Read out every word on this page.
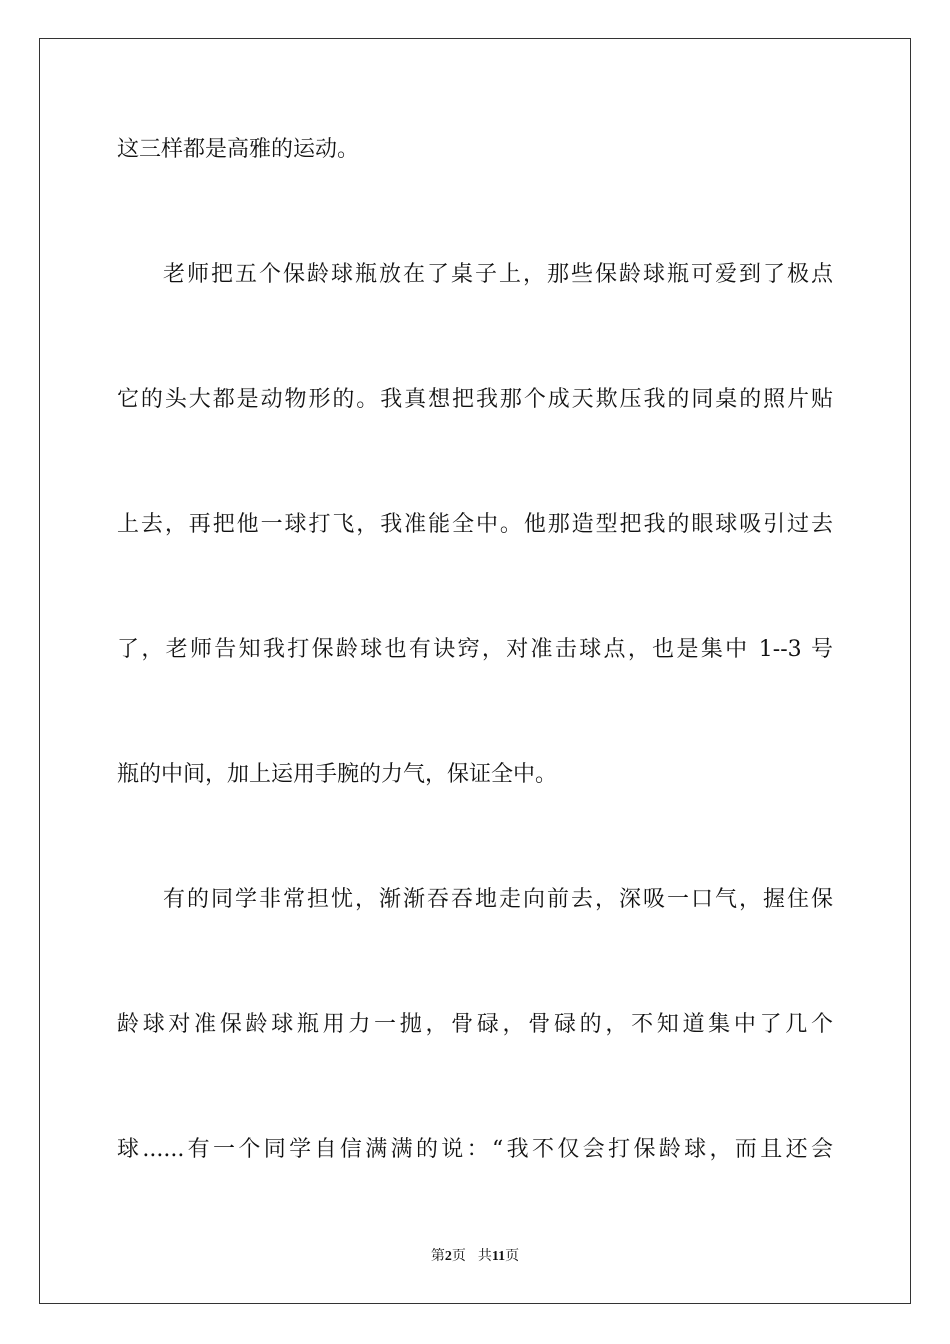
这三样都是高雅的运动。
老师把五个保龄球瓶放在了桌子上，那些保龄球瓶可爱到了极点
它的头大都是动物形的。我真想把我那个成天欺压我的同桌的照片贴
上去，再把他一球打飞，我准能全中。他那造型把我的眼球吸引过去
了，老师告知我打保龄球也有诀窍，对准击球点，也是集中 1--3 号
瓶的中间，加上运用手腕的力气，保证全中。
有的同学非常担忧，渐渐吞吞地走向前去，深吸一口气，握住保
龄球对准保龄球瓶用力一抛，骨碌，骨碌的，不知道集中了几个
球......有一个同学自信满满的说：“我不仅会打保龄球，而且还会
第2页 共11页
